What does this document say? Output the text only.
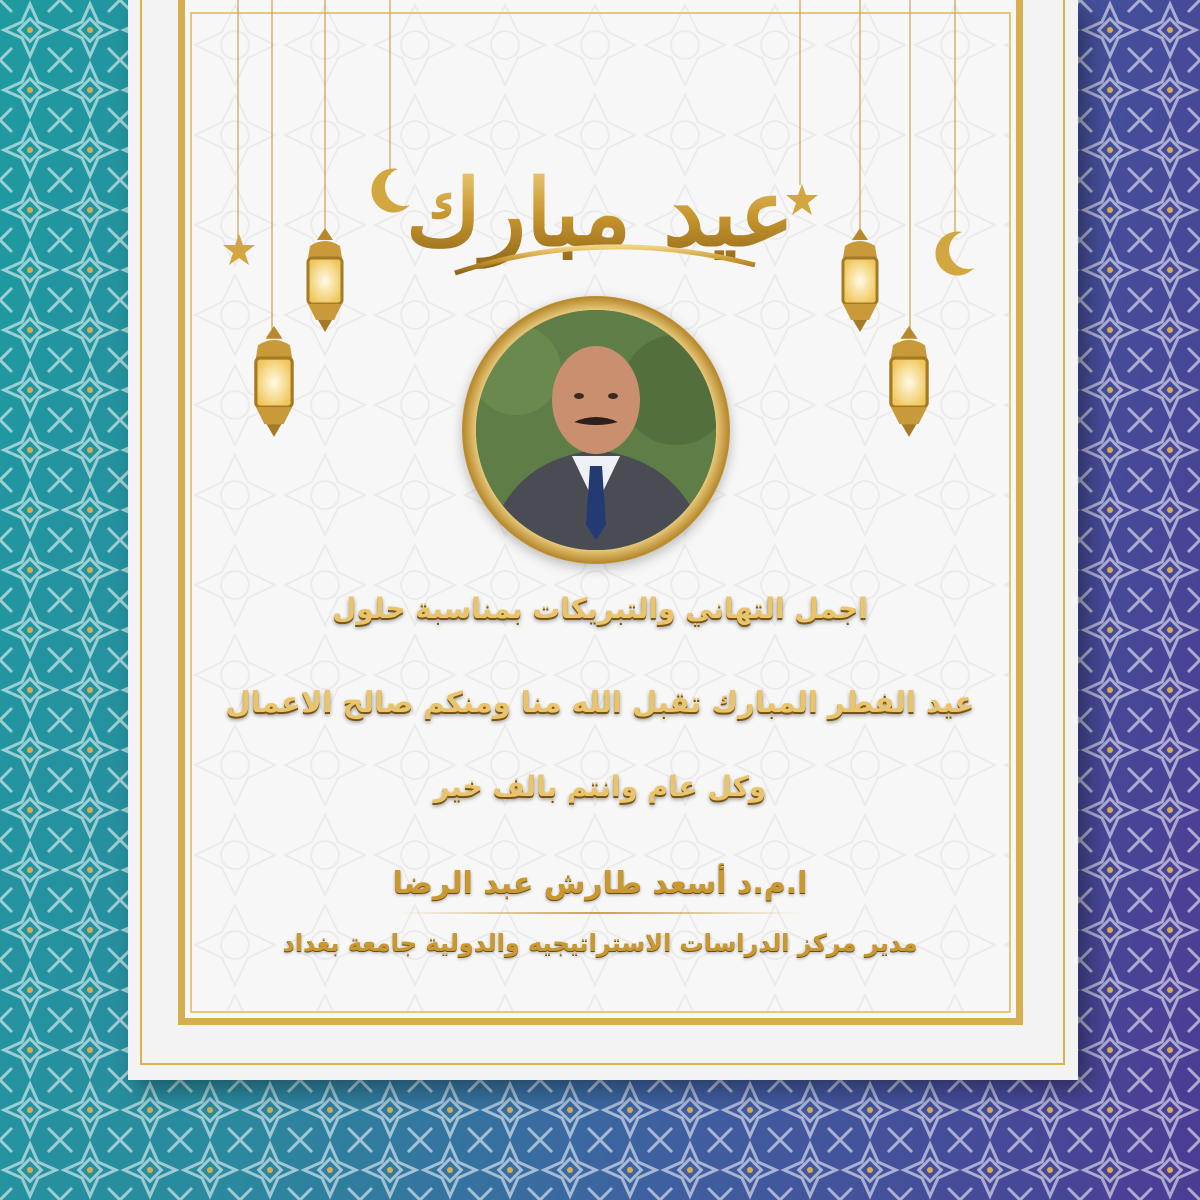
عيد مبارك
اجمل التهاني والتبريكات بمناسبة حلول
عيد الفطر المبارك تقبل الله منا ومنكم صالح الاعمال
وكل عام وانتم بالف خير
ا.م.د أسعد طارش عبد الرضا
مدير مركز الدراسات الاستراتيجيه والدولية جامعة بغداد
